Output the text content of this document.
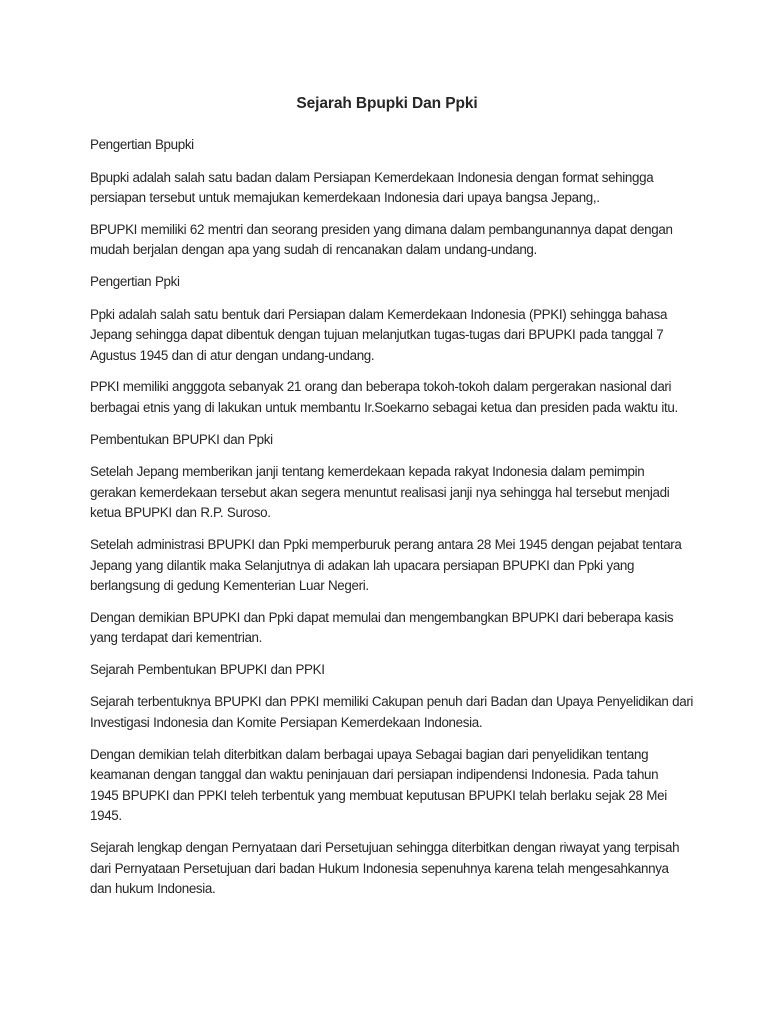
Sejarah Bpupki Dan Ppki
Pengertian Bpupki

Bpupki adalah salah satu badan dalam Persiapan Kemerdekaan Indonesia dengan format sehingga
persiapan tersebut untuk memajukan kemerdekaan Indonesia dari upaya bangsa Jepang,.

BPUPKI memiliki 62 mentri dan seorang presiden yang dimana dalam pembangunannya dapat dengan
mudah berjalan dengan apa yang sudah di rencanakan dalam undang-undang.

Pengertian Ppki

Ppki adalah salah satu bentuk dari Persiapan dalam Kemerdekaan Indonesia (PPKI) sehingga bahasa
Jepang sehingga dapat dibentuk dengan tujuan melanjutkan tugas-tugas dari BPUPKI pada tanggal 7
Agustus 1945 dan di atur dengan undang-undang.

PPKI memiliki angggota sebanyak 21 orang dan beberapa tokoh-tokoh dalam pergerakan nasional dari
berbagai etnis yang di lakukan untuk membantu Ir.Soekarno sebagai ketua dan presiden pada waktu itu.

Pembentukan BPUPKI dan Ppki

Setelah Jepang memberikan janji tentang kemerdekaan kepada rakyat Indonesia dalam pemimpin
gerakan kemerdekaan tersebut akan segera menuntut realisasi janji nya sehingga hal tersebut menjadi
ketua BPUPKI dan R.P. Suroso.

Setelah administrasi BPUPKI dan Ppki memperburuk perang antara 28 Mei 1945 dengan pejabat tentara
Jepang yang dilantik maka Selanjutnya di adakan lah upacara persiapan BPUPKI dan Ppki yang
berlangsung di gedung Kementerian Luar Negeri.

Dengan demikian BPUPKI dan Ppki dapat memulai dan mengembangkan BPUPKI dari beberapa kasis
yang terdapat dari kementrian.

Sejarah Pembentukan BPUPKI dan PPKI

Sejarah terbentuknya BPUPKI dan PPKI memiliki Cakupan penuh dari Badan dan Upaya Penyelidikan dari
Investigasi Indonesia dan Komite Persiapan Kemerdekaan Indonesia.

Dengan demikian telah diterbitkan dalam berbagai upaya Sebagai bagian dari penyelidikan tentang
keamanan dengan tanggal dan waktu peninjauan dari persiapan indipendensi Indonesia. Pada tahun
1945 BPUPKI dan PPKI teleh terbentuk yang membuat keputusan BPUPKI telah berlaku sejak 28 Mei
1945.

Sejarah lengkap dengan Pernyataan dari Persetujuan sehingga diterbitkan dengan riwayat yang terpisah
dari Pernyataan Persetujuan dari badan Hukum Indonesia sepenuhnya karena telah mengesahkannya
dan hukum Indonesia.
